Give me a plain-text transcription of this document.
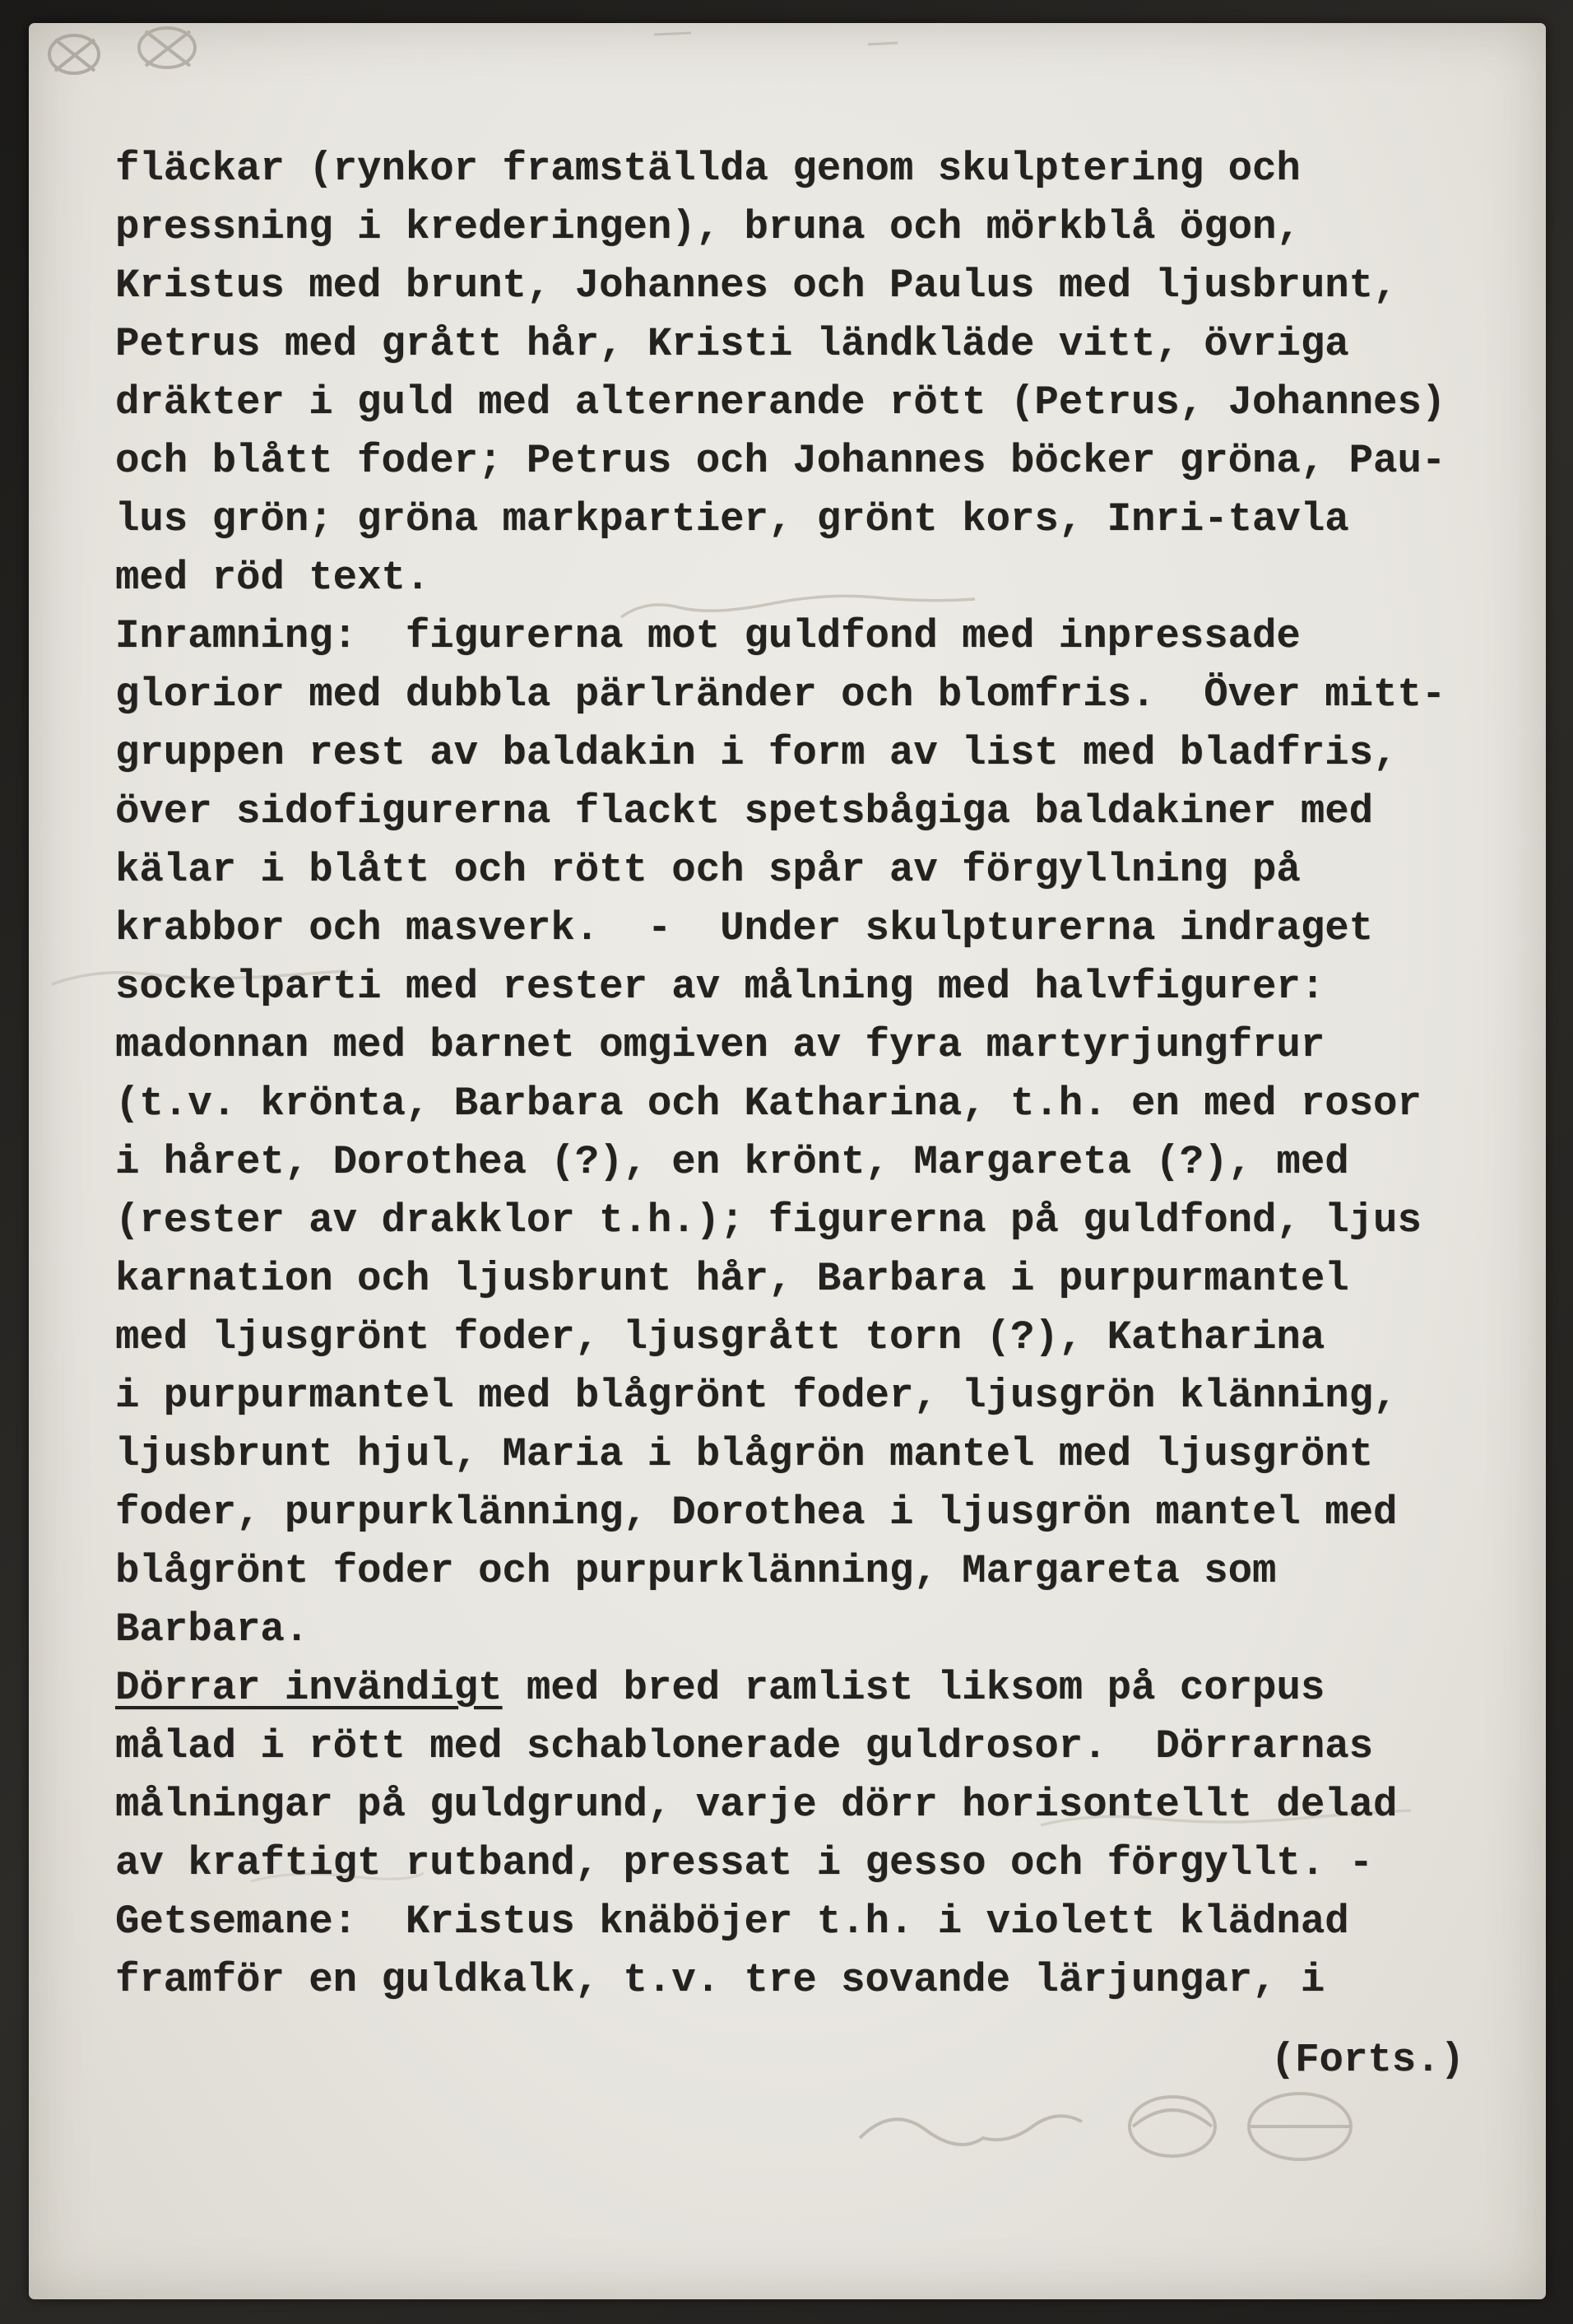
fläckar (rynkor framställda genom skulptering och
pressning i krederingen), bruna och mörkblå ögon,
Kristus med brunt, Johannes och Paulus med ljusbrunt,
Petrus med grått hår, Kristi ländkläde vitt, övriga
dräkter i guld med alternerande rött (Petrus, Johannes)
och blått foder; Petrus och Johannes böcker gröna, Pau-
lus grön; gröna markpartier, grönt kors, Inri-tavla
med röd text.
Inramning:  figurerna mot guldfond med inpressade
glorior med dubbla pärlränder och blomfris.  Över mitt-
gruppen rest av baldakin i form av list med bladfris,
över sidofigurerna flackt spetsbågiga baldakiner med
kälar i blått och rött och spår av förgyllning på
krabbor och masverk.  -  Under skulpturerna indraget
sockelparti med rester av målning med halvfigurer:
madonnan med barnet omgiven av fyra martyrjungfrur
(t.v. krönta, Barbara och Katharina, t.h. en med rosor
i håret, Dorothea (?), en krönt, Margareta (?), med
(rester av drakklor t.h.); figurerna på guldfond, ljus
karnation och ljusbrunt hår, Barbara i purpurmantel
med ljusgrönt foder, ljusgrått torn (?), Katharina
i purpurmantel med blågrönt foder, ljusgrön klänning,
ljusbrunt hjul, Maria i blågrön mantel med ljusgrönt
foder, purpurklänning, Dorothea i ljusgrön mantel med
blågrönt foder och purpurklänning, Margareta som
Barbara.
Dörrar invändigt med bred ramlist liksom på corpus
målad i rött med schablonerade guldrosor.  Dörrarnas
målningar på guldgrund, varje dörr horisontellt delad
av kraftigt rutband, pressat i gesso och förgyllt. -
Getsemane:  Kristus knäböjer t.h. i violett klädnad
framför en guldkalk, t.v. tre sovande lärjungar, i
(Forts.)
